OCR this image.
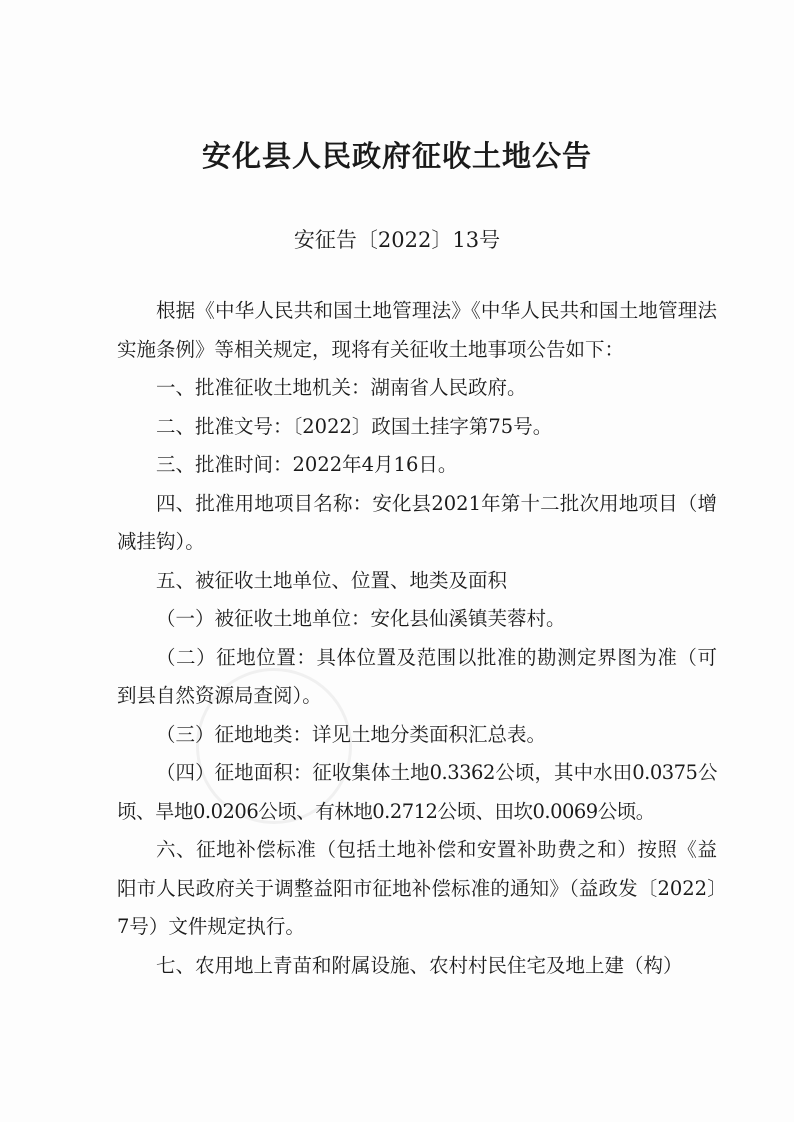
安化县人民政府征收土地公告
安征告〔2022〕13号

根据《中华人民共和国土地管理法》《中华人民共和国土地管理法实施条例》等相关规定，现将有关征收土地事项公告如下：

一、批准征收土地机关：湖南省人民政府。

二、批准文号：〔2022〕政国土挂字第75号。

三、批准时间：2022年4月16日。

四、批准用地项目名称：安化县2021年第十二批次用地项目（增减挂钩）。

五、被征收土地单位、位置、地类及面积

（一）被征收土地单位：安化县仙溪镇芙蓉村。

（二）征地位置：具体位置及范围以批准的勘测定界图为准（可到县自然资源局查阅）。

（三）征地地类：详见土地分类面积汇总表。

（四）征地面积：征收集体土地0.3362公顷，其中水田0.0375公顷、旱地0.0206公顷、有林地0.2712公顷、田坎0.0069公顷。

六、征地补偿标准（包括土地补偿和安置补助费之和）按照《益阳市人民政府关于调整益阳市征地补偿标准的通知》（益政发〔2022〕7号）文件规定执行。

七、农用地上青苗和附属设施、农村村民住宅及地上建（构）
